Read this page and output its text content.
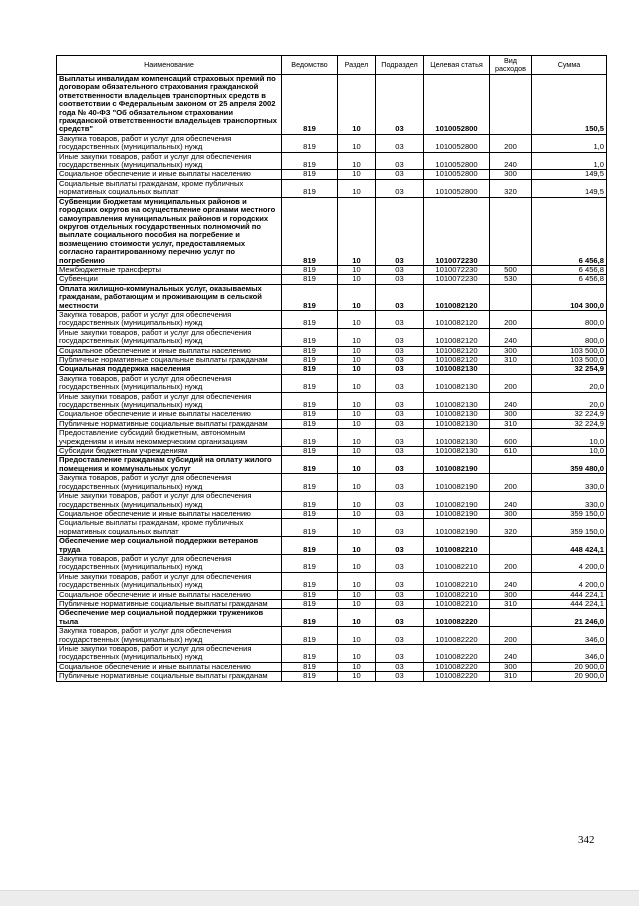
Наименование	Ведомство	Раздел	Подраздел	Целевая статья	Вид расходов	Сумма
Выплаты инвалидам компенсаций страховых премий по договорам обязательного страхования гражданской ответственности владельцев транспортных средств в соответствии с Федеральным законом от 25 апреля 2002 года № 40-ФЗ "Об обязательном страховании гражданской ответственности владельцев транспортных средств"	819	10	03	1010052800		150,5
Закупка товаров, работ и услуг для обеспечения государственных (муниципальных) нужд	819	10	03	1010052800	200	1,0
Иные закупки товаров, работ и услуг для обеспечения государственных (муниципальных) нужд	819	10	03	1010052800	240	1,0
Социальное обеспечение и иные выплаты населению	819	10	03	1010052800	300	149,5
Социальные выплаты гражданам, кроме публичных нормативных социальных выплат	819	10	03	1010052800	320	149,5
Субвенции бюджетам муниципальных районов и городских округов на осуществление органами местного самоуправления муниципальных районов и городских округов отдельных государственных полномочий по выплате социального пособия на погребение и возмещению стоимости услуг, предоставляемых согласно гарантированному перечню услуг по погребению	819	10	03	1010072230		6 456,8
Межбюджетные трансферты	819	10	03	1010072230	500	6 456,8
Субвенции	819	10	03	1010072230	530	6 456,8
Оплата жилищно-коммунальных услуг, оказываемых гражданам, работающим и проживающим в сельской местности	819	10	03	1010082120		104 300,0
Закупка товаров, работ и услуг для обеспечения государственных (муниципальных) нужд	819	10	03	1010082120	200	800,0
Иные закупки товаров, работ и услуг для обеспечения государственных (муниципальных) нужд	819	10	03	1010082120	240	800,0
Социальное обеспечение и иные выплаты населению	819	10	03	1010082120	300	103 500,0
Публичные нормативные социальные выплаты гражданам	819	10	03	1010082120	310	103 500,0
Социальная поддержка населения	819	10	03	1010082130		32 254,9
Закупка товаров, работ и услуг для обеспечения государственных (муниципальных) нужд	819	10	03	1010082130	200	20,0
Иные закупки товаров, работ и услуг для обеспечения государственных (муниципальных) нужд	819	10	03	1010082130	240	20,0
Социальное обеспечение и иные выплаты населению	819	10	03	1010082130	300	32 224,9
Публичные нормативные социальные выплаты гражданам	819	10	03	1010082130	310	32 224,9
Предоставление субсидий бюджетным, автономным учреждениям и иным некоммерческим организациям	819	10	03	1010082130	600	10,0
Субсидии бюджетным учреждениям	819	10	03	1010082130	610	10,0
Предоставление гражданам субсидий на оплату жилого помещения и коммунальных услуг	819	10	03	1010082190		359 480,0
Закупка товаров, работ и услуг для обеспечения государственных (муниципальных) нужд	819	10	03	1010082190	200	330,0
Иные закупки товаров, работ и услуг для обеспечения государственных (муниципальных) нужд	819	10	03	1010082190	240	330,0
Социальное обеспечение и иные выплаты населению	819	10	03	1010082190	300	359 150,0
Социальные выплаты гражданам, кроме публичных нормативных социальных выплат	819	10	03	1010082190	320	359 150,0
Обеспечение мер социальной поддержки ветеранов труда	819	10	03	1010082210		448 424,1
Закупка товаров, работ и услуг для обеспечения государственных (муниципальных) нужд	819	10	03	1010082210	200	4 200,0
Иные закупки товаров, работ и услуг для обеспечения государственных (муниципальных) нужд	819	10	03	1010082210	240	4 200,0
Социальное обеспечение и иные выплаты населению	819	10	03	1010082210	300	444 224,1
Публичные нормативные социальные выплаты гражданам	819	10	03	1010082210	310	444 224,1
Обеспечение мер социальной поддержки тружеников тыла	819	10	03	1010082220		21 246,0
Закупка товаров, работ и услуг для обеспечения государственных (муниципальных) нужд	819	10	03	1010082220	200	346,0
Иные закупки товаров, работ и услуг для обеспечения государственных (муниципальных) нужд	819	10	03	1010082220	240	346,0
Социальное обеспечение и иные выплаты населению	819	10	03	1010082220	300	20 900,0
Публичные нормативные социальные выплаты гражданам	819	10	03	1010082220	310	20 900,0
342
